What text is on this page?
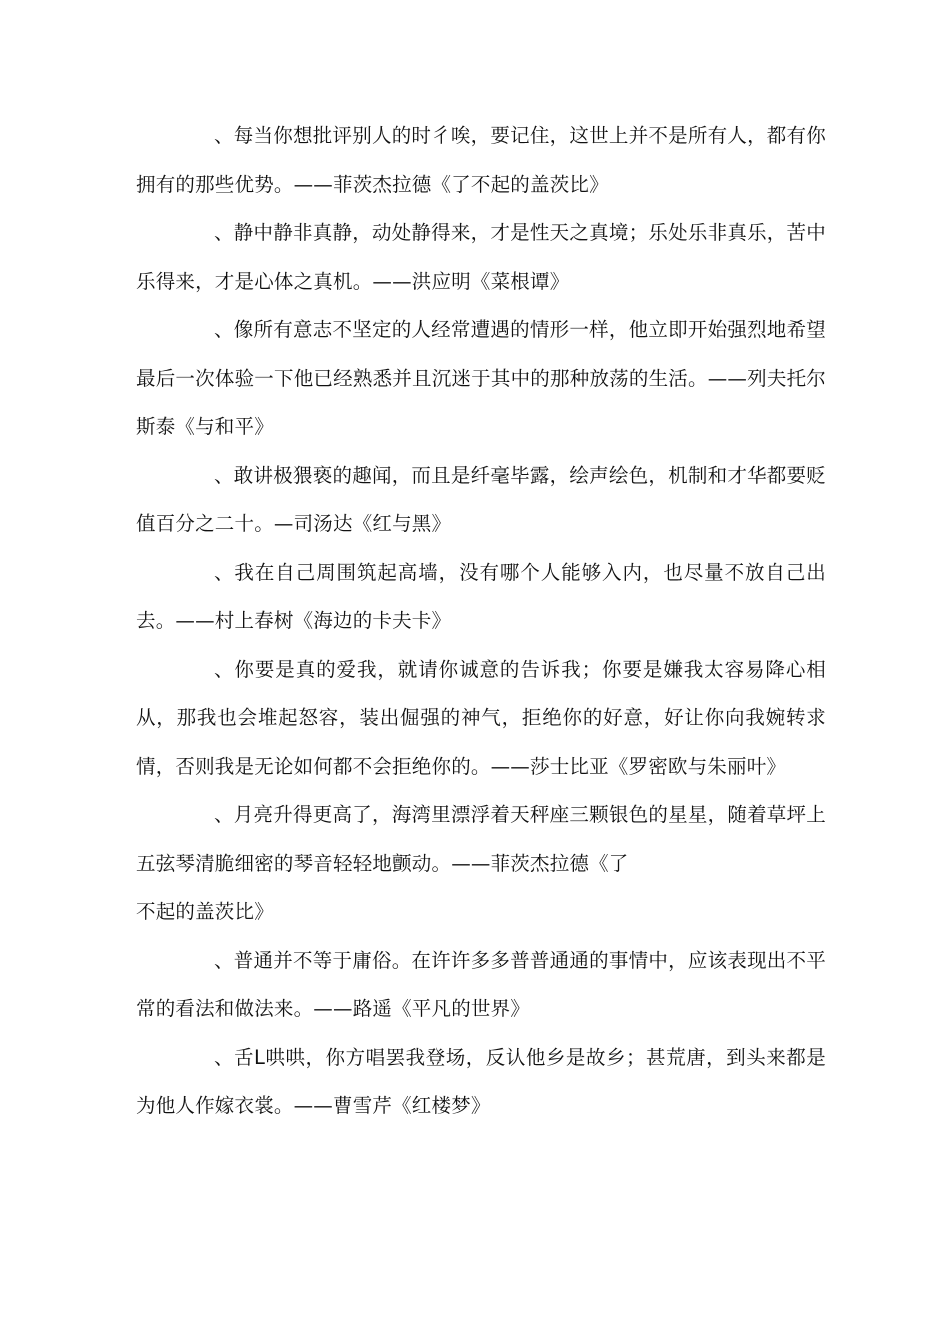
、每当你想批评别人的时彳唉，要记住，这世上并不是所有人，都有你拥有的那些优势。——菲茨杰拉德《了不起的盖茨比》

、静中静非真静，动处静得来，才是性天之真境；乐处乐非真乐，苦中乐得来，才是心体之真机。——洪应明《菜根谭》

、像所有意志不坚定的人经常遭遇的情形一样，他立即开始强烈地希望最后一次体验一下他已经熟悉并且沉迷于其中的那种放荡的生活。——列夫托尔斯泰《与和平》

、敢讲极猥亵的趣闻，而且是纤毫毕露，绘声绘色，机制和才华都要贬值百分之二十。—司汤达《红与黑》

、我在自己周围筑起高墙，没有哪个人能够入内，也尽量不放自己出去。——村上春树《海边的卡夫卡》

、你要是真的爱我，就请你诚意的告诉我；你要是嫌我太容易降心相从，那我也会堆起怒容，装出倔强的神气，拒绝你的好意，好让你向我婉转求情，否则我是无论如何都不会拒绝你的。——莎士比亚《罗密欧与朱丽叶》

、月亮升得更高了，海湾里漂浮着天秤座三颗银色的星星，随着草坪上五弦琴清脆细密的琴音轻轻地颤动。——菲茨杰拉德《了

不起的盖茨比》

、普通并不等于庸俗。在许许多多普普通通的事情中，应该表现出不平常的看法和做法来。——路遥《平凡的世界》

、舌L哄哄，你方唱罢我登场，反认他乡是故乡；甚荒唐，到头来都是为他人作嫁衣裳。——曹雪芹《红楼梦》
